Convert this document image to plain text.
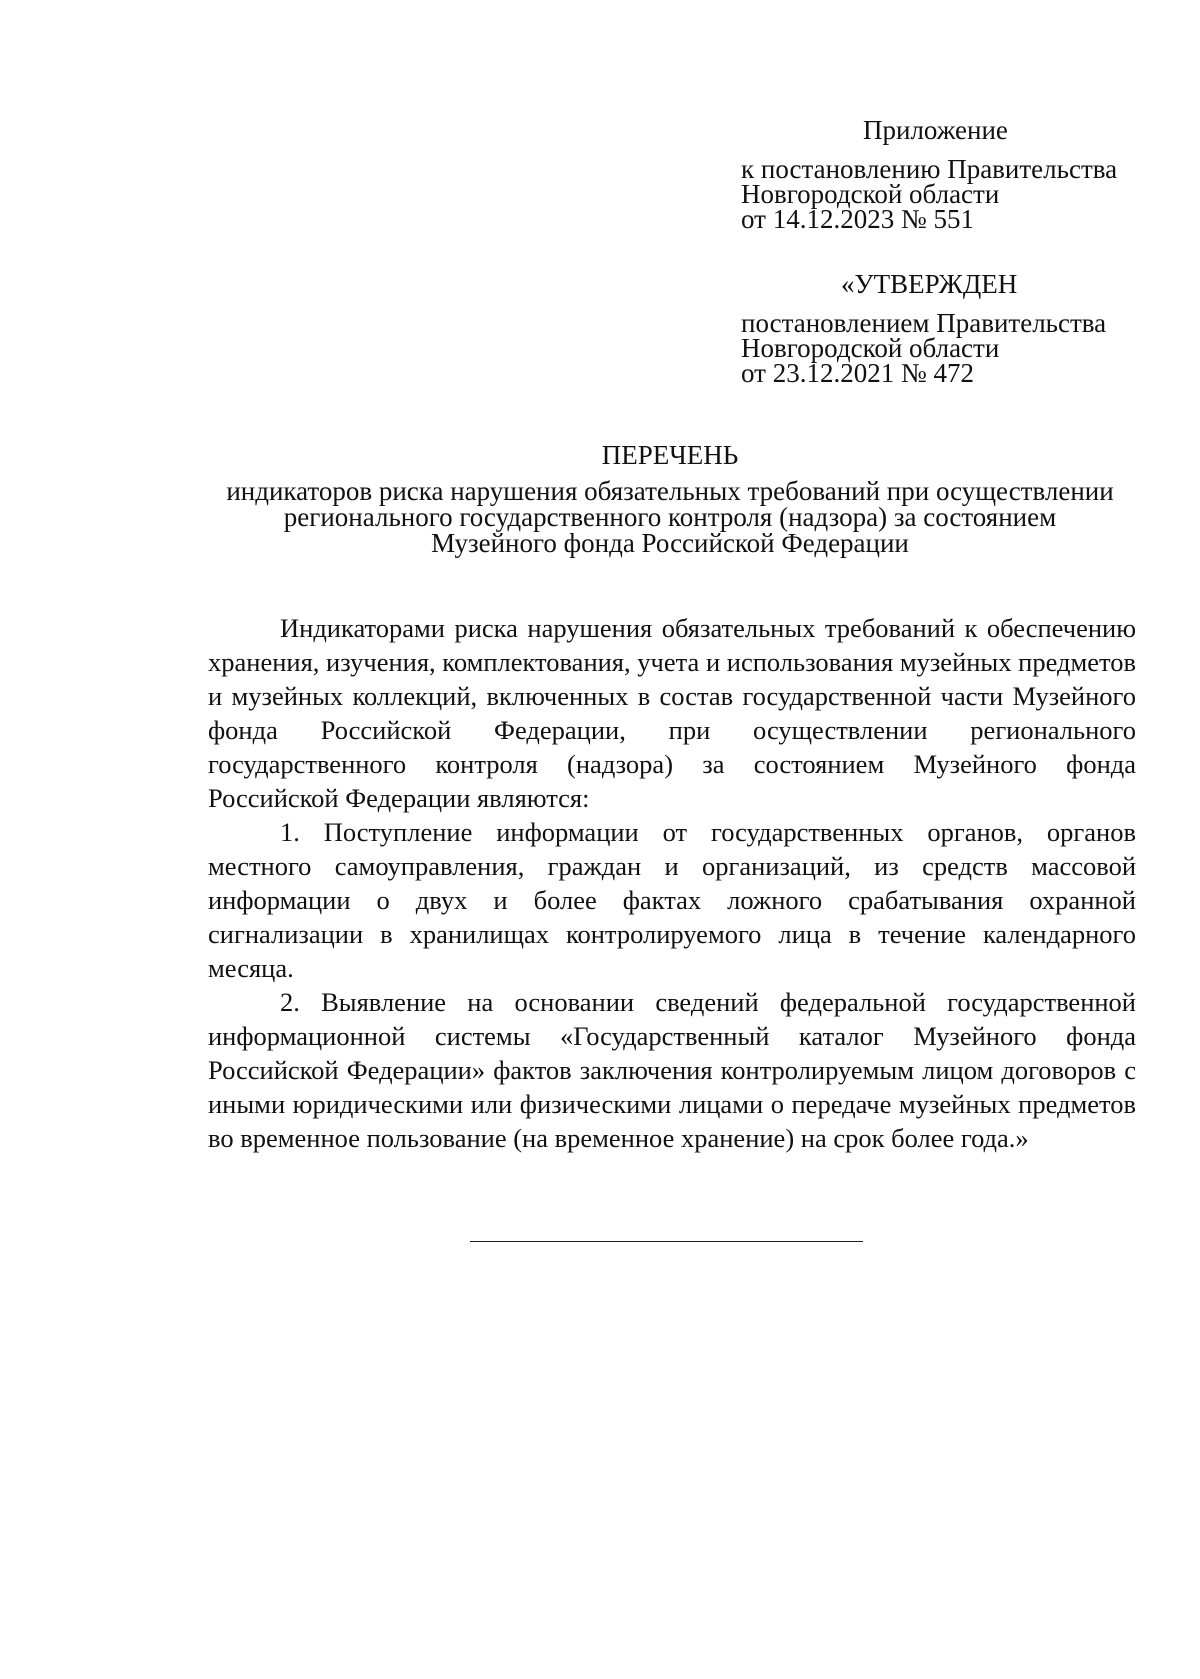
Приложение
к постановлению Правительства
Новгородской области
от 14.12.2023 № 551
«УТВЕРЖДЕН
постановлением Правительства
Новгородской области
от 23.12.2021 № 472
ПЕРЕЧЕНЬ
индикаторов риска нарушения обязательных требований при осуществлении
регионального государственного контроля (надзора) за состоянием
Музейного фонда Российской Федерации

Индикаторами риска нарушения обязательных требований к обеспечению хранения, изучения, комплектования, учета и использования музейных предметов и музейных коллекций, включенных в состав государственной части Музейного фонда Российской Федерации, при осуществлении регионального государственного контроля (надзора) за состоянием Музейного фонда Российской Федерации являются:

1. Поступление информации от государственных органов, органов местного самоуправления, граждан и организаций, из средств массовой информации о двух и более фактах ложного срабатывания охранной сигнализации в хранилищах контролируемого лица в течение календарного месяца.

2. Выявление на основании сведений федеральной государственной информационной системы «Государственный каталог Музейного фонда Российской Федерации» фактов заключения контролируемым лицом договоров с иными юридическими или физическими лицами о передаче музейных предметов во временное пользование (на временное хранение) на срок более года.»
